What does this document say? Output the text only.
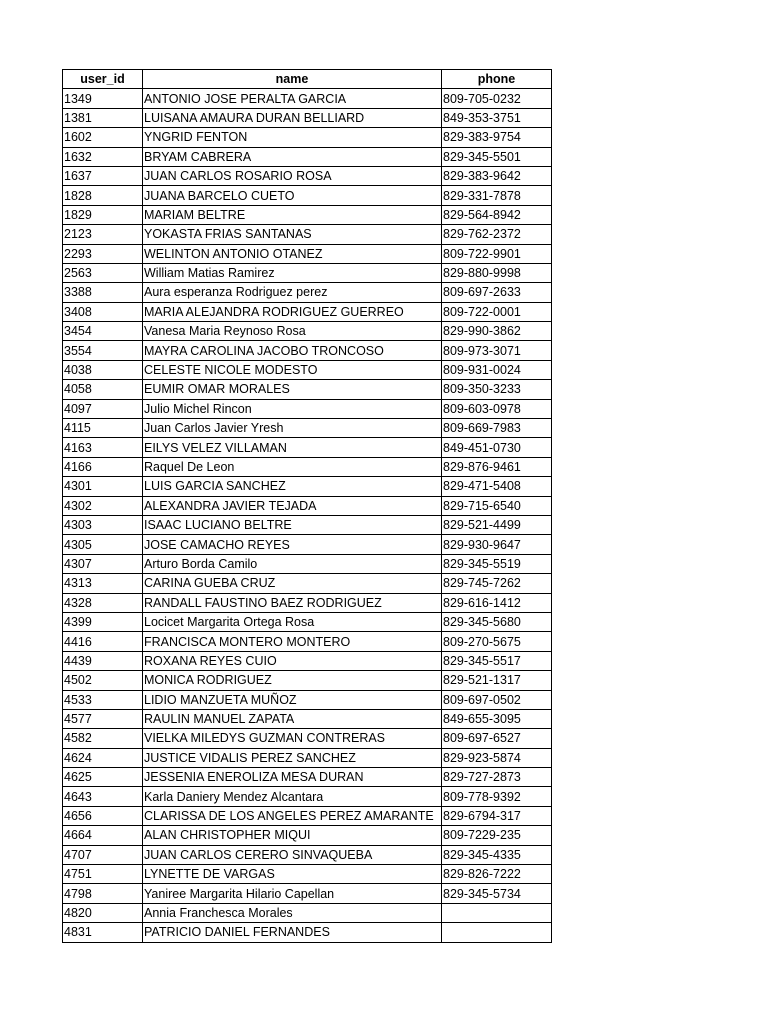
user_id	name	phone
1349	ANTONIO JOSE PERALTA GARCIA	809-705-0232
1381	LUISANA AMAURA DURAN BELLIARD	849-353-3751
1602	YNGRID FENTON	829-383-9754
1632	BRYAM CABRERA	829-345-5501
1637	JUAN CARLOS ROSARIO ROSA	829-383-9642
1828	JUANA BARCELO CUETO	829-331-7878
1829	MARIAM BELTRE	829-564-8942
2123	YOKASTA FRIAS SANTANAS	829-762-2372
2293	WELINTON ANTONIO OTANEZ	809-722-9901
2563	William Matias Ramirez	829-880-9998
3388	Aura esperanza Rodriguez perez	809-697-2633
3408	MARIA ALEJANDRA RODRIGUEZ GUERREO	809-722-0001
3454	Vanesa Maria Reynoso Rosa	829-990-3862
3554	MAYRA CAROLINA JACOBO TRONCOSO	809-973-3071
4038	CELESTE NICOLE MODESTO	809-931-0024
4058	EUMIR OMAR MORALES	809-350-3233
4097	Julio Michel Rincon	809-603-0978
4115	Juan Carlos Javier Yresh	809-669-7983
4163	EILYS VELEZ VILLAMAN	849-451-0730
4166	Raquel De Leon	829-876-9461
4301	LUIS GARCIA SANCHEZ	829-471-5408
4302	ALEXANDRA JAVIER TEJADA	829-715-6540
4303	ISAAC LUCIANO BELTRE	829-521-4499
4305	JOSE CAMACHO REYES	829-930-9647
4307	Arturo Borda Camilo	829-345-5519
4313	CARINA GUEBA CRUZ	829-745-7262
4328	RANDALL FAUSTINO BAEZ RODRIGUEZ	829-616-1412
4399	Locicet Margarita Ortega Rosa	829-345-5680
4416	FRANCISCA MONTERO MONTERO	809-270-5675
4439	ROXANA REYES CUIO	829-345-5517
4502	MONICA RODRIGUEZ	829-521-1317
4533	LIDIO MANZUETA MUÑOZ	809-697-0502
4577	RAULIN MANUEL ZAPATA	849-655-3095
4582	VIELKA MILEDYS GUZMAN CONTRERAS	809-697-6527
4624	JUSTICE VIDALIS PEREZ SANCHEZ	829-923-5874
4625	JESSENIA ENEROLIZA MESA DURAN	829-727-2873
4643	Karla Daniery Mendez Alcantara	809-778-9392
4656	CLARISSA DE LOS ANGELES PEREZ AMARANTE	829-6794-317
4664	ALAN CHRISTOPHER MIQUI	809-7229-235
4707	JUAN CARLOS CERERO SINVAQUEBA	829-345-4335
4751	LYNETTE DE VARGAS	829-826-7222
4798	Yaniree Margarita Hilario Capellan	829-345-5734
4820	Annia Franchesca Morales	
4831	PATRICIO DANIEL FERNANDES	
